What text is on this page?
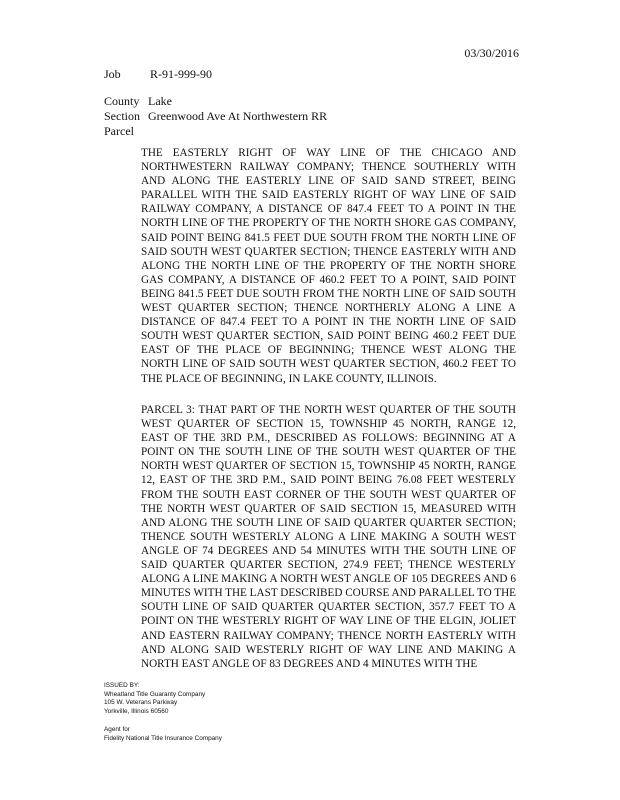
03/30/2016
Job	R-91-999-90
County Lake
Section Greenwood Ave At Northwestern RR
Parcel
THE EASTERLY RIGHT OF WAY LINE OF THE CHICAGO AND NORTHWESTERN RAILWAY COMPANY; THENCE SOUTHERLY WITH AND ALONG THE EASTERLY LINE OF SAID SAND STREET, BEING PARALLEL WITH THE SAID EASTERLY RIGHT OF WAY LINE OF SAID RAILWAY COMPANY, A DISTANCE OF 847.4 FEET TO A POINT IN THE NORTH LINE OF THE PROPERTY OF THE NORTH SHORE GAS COMPANY, SAID POINT BEING 841.5 FEET DUE SOUTH FROM THE NORTH LINE OF SAID SOUTH WEST QUARTER SECTION; THENCE EASTERLY WITH AND ALONG THE NORTH LINE OF THE PROPERTY OF THE NORTH SHORE GAS COMPANY, A DISTANCE OF 460.2 FEET TO A POINT, SAID POINT BEING 841.5 FEET DUE SOUTH FROM THE NORTH LINE OF SAID SOUTH WEST QUARTER SECTION; THENCE NORTHERLY ALONG A LINE A DISTANCE OF 847.4 FEET TO A POINT IN THE NORTH LINE OF SAID SOUTH WEST QUARTER SECTION, SAID POINT BEING 460.2 FEET DUE EAST OF THE PLACE OF BEGINNING; THENCE WEST ALONG THE NORTH LINE OF SAID SOUTH WEST QUARTER SECTION, 460.2 FEET TO THE PLACE OF BEGINNING, IN LAKE COUNTY, ILLINOIS.
PARCEL 3: THAT PART OF THE NORTH WEST QUARTER OF THE SOUTH WEST QUARTER OF SECTION 15, TOWNSHIP 45 NORTH, RANGE 12, EAST OF THE 3RD P.M., DESCRIBED AS FOLLOWS: BEGINNING AT A POINT ON THE SOUTH LINE OF THE SOUTH WEST QUARTER OF THE NORTH WEST QUARTER OF SECTION 15, TOWNSHIP 45 NORTH, RANGE 12, EAST OF THE 3RD P.M., SAID POINT BEING 76.08 FEET WESTERLY FROM THE SOUTH EAST CORNER OF THE SOUTH WEST QUARTER OF THE NORTH WEST QUARTER OF SAID SECTION 15, MEASURED WITH AND ALONG THE SOUTH LINE OF SAID QUARTER QUARTER SECTION; THENCE SOUTH WESTERLY ALONG A LINE MAKING A SOUTH WEST ANGLE OF 74 DEGREES AND 54 MINUTES WITH THE SOUTH LINE OF SAID QUARTER QUARTER SECTION, 274.9 FEET; THENCE WESTERLY ALONG A LINE MAKING A NORTH WEST ANGLE OF 105 DEGREES AND 6 MINUTES WITH THE LAST DESCRIBED COURSE AND PARALLEL TO THE SOUTH LINE OF SAID QUARTER QUARTER SECTION, 357.7 FEET TO A POINT ON THE WESTERLY RIGHT OF WAY LINE OF THE ELGIN, JOLIET AND EASTERN RAILWAY COMPANY; THENCE NORTH EASTERLY WITH AND ALONG SAID WESTERLY RIGHT OF WAY LINE AND MAKING A NORTH EAST ANGLE OF 83 DEGREES AND 4 MINUTES WITH THE
ISSUED BY:
Wheatland Title Guaranty Company
105 W. Veterans Parkway
Yorkville, Illinois 60560
Agent for
Fidelity National Title Insurance Company
